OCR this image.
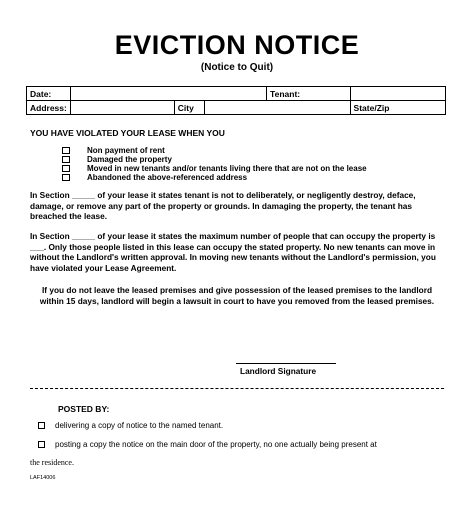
EVICTION NOTICE
(Notice to Quit)
Date:				Tenant:	
Address:		City			State/Zip
YOU HAVE VIOLATED YOUR LEASE WHEN YOU
Non payment of rent
Damaged the property
Moved in new tenants and/or tenants living there that are not on the lease
Abandoned the above-referenced address
In Section _____ of your lease it states tenant is not to deliberately, or negligently destroy, deface, damage, or remove any part of the property or grounds. In damaging the property, the tenant has breached the lease.
In Section _____ of your lease it states the maximum number of people that can occupy the property is ___. Only those people listed in this lease can occupy the stated property. No new tenants can move in without the Landlord's written approval. In moving new tenants without the Landlord's permission, you have violated your Lease Agreement.
If you do not leave the leased premises and give possession of the leased premises to the landlord within 15 days, landlord will begin a lawsuit in court to have you removed from the leased premises.
Landlord Signature
POSTED BY:
delivering a copy of notice to the named tenant.
posting a copy the notice on the main door of the property, no one actually being present at
the residence.
LAF14006
